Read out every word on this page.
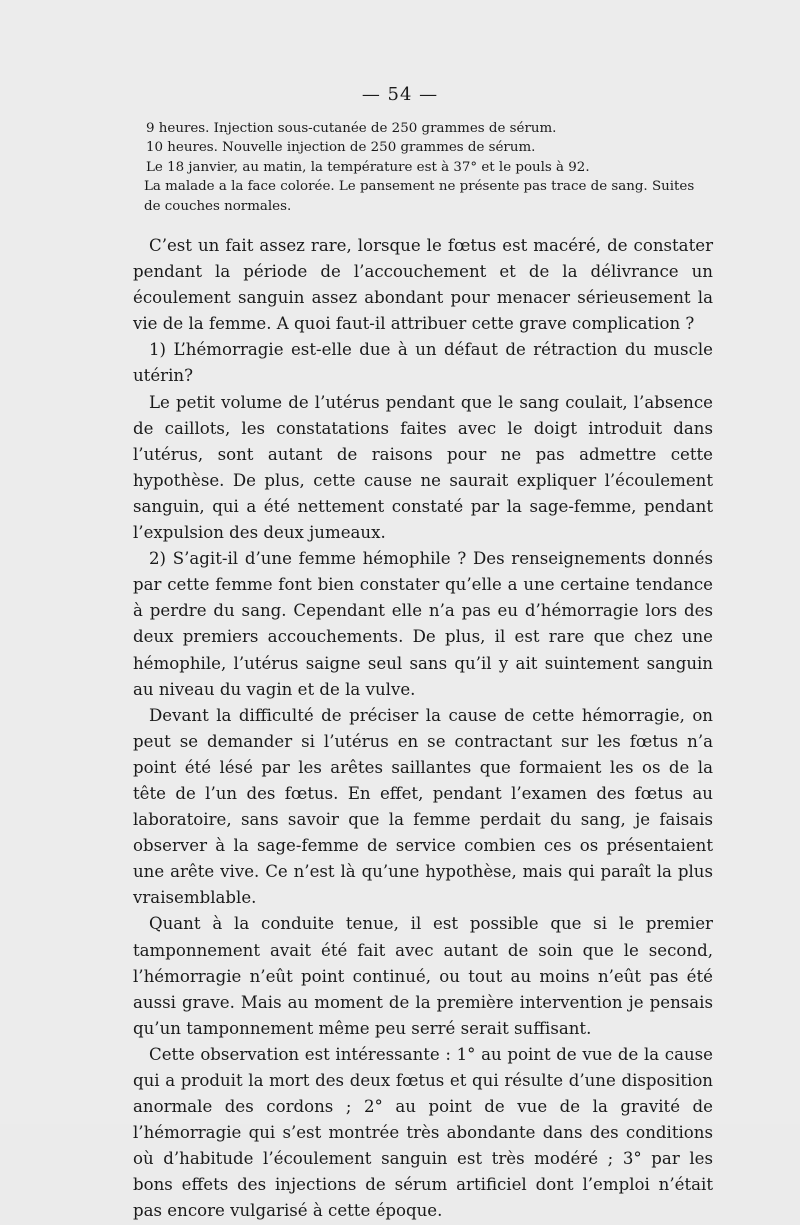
— 54 —

9 heures. Injection sous-cutanée de 250 grammes de sérum.

10 heures. Nouvelle injection de 250 grammes de sérum.

Le 18 janvier, au matin, la température est à 37° et le pouls à 92.

La malade a la face colorée. Le pansement ne présente pas trace de sang. Suites de couches normales.

C’est un fait assez rare, lorsque le fœtus est macéré, de constater pendant la période de l’accouchement et de la délivrance un écoulement sanguin assez abondant pour menacer sérieusement la vie de la femme. A quoi faut-il attribuer cette grave complication ?

1) L’hémorragie est-elle due à un défaut de rétraction du muscle utérin?

Le petit volume de l’utérus pendant que le sang coulait, l’absence de caillots, les constatations faites avec le doigt introduit dans l’utérus, sont autant de raisons pour ne pas admettre cette hypothèse. De plus, cette cause ne saurait expliquer l’écoulement sanguin, qui a été nettement constaté par la sage-femme, pendant l’expulsion des deux jumeaux.

2) S’agit-il d’une femme hémophile ? Des renseignements donnés par cette femme font bien constater qu’elle a une certaine tendance à perdre du sang. Cependant elle n’a pas eu d’hémorragie lors des deux premiers accouchements. De plus, il est rare que chez une hémophile, l’utérus saigne seul sans qu’il y ait suintement sanguin au niveau du vagin et de la vulve.

Devant la difficulté de préciser la cause de cette hémorragie, on peut se demander si l’utérus en se contractant sur les fœtus n’a point été lésé par les arêtes saillantes que formaient les os de la tête de l’un des fœtus. En effet, pendant l’examen des fœtus au laboratoire, sans savoir que la femme perdait du sang, je faisais observer à la sage-femme de service combien ces os présentaient une arête vive. Ce n’est là qu’une hypothèse, mais qui paraît la plus vraisemblable.

Quant à la conduite tenue, il est possible que si le premier tamponnement avait été fait avec autant de soin que le second, l’hémorragie n’eût point continué, ou tout au moins n’eût pas été aussi grave. Mais au moment de la première intervention je pensais qu’un tamponnement même peu serré serait suffisant.

Cette observation est intéressante : 1° au point de vue de la cause qui a produit la mort des deux fœtus et qui résulte d’une disposition anormale des cordons ; 2° au point de vue de la gravité de l’hémorragie qui s’est montrée très abondante dans des conditions où d’habitude l’écoulement sanguin est très modéré ; 3° par les bons effets des injections de sérum artificiel dont l’emploi n’était pas encore vulgarisé à cette époque.
